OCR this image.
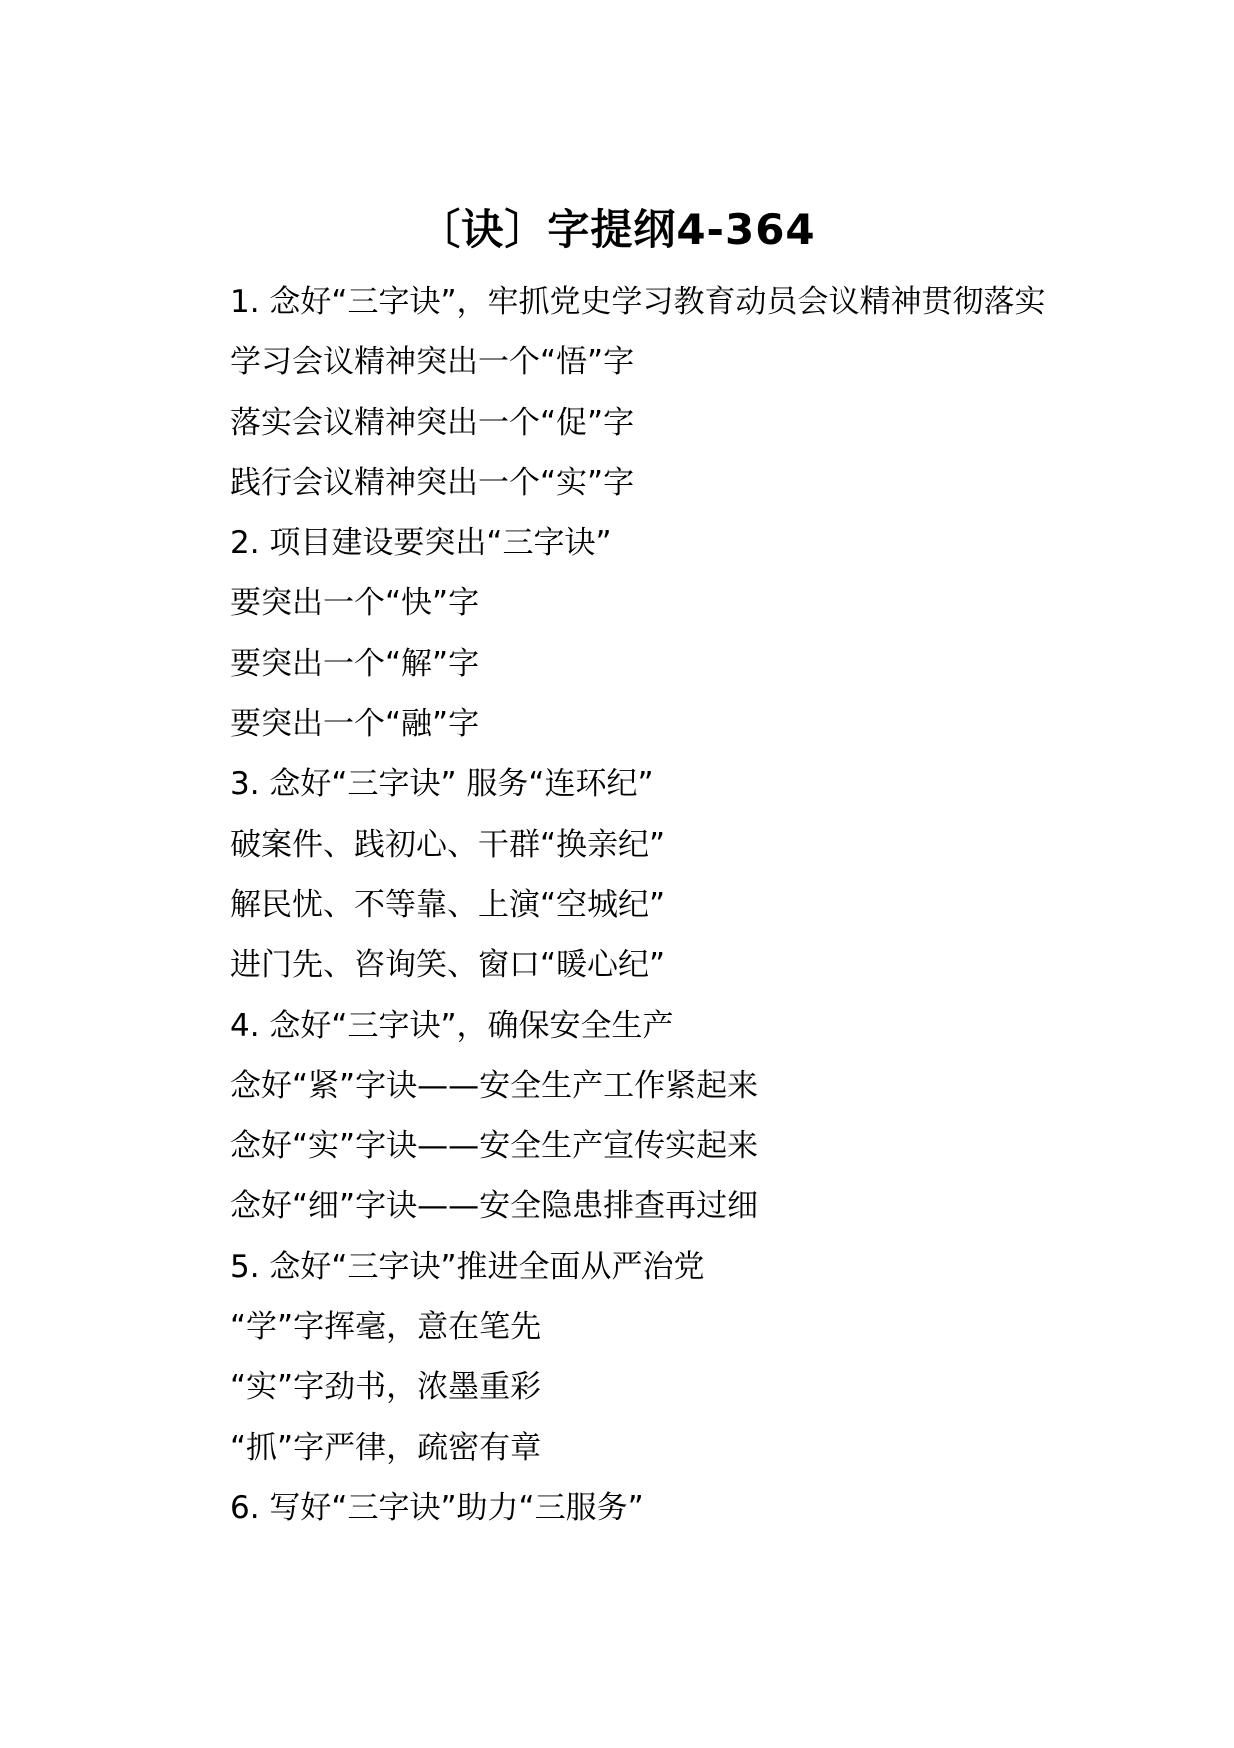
〔诀〕字提纲4-364
1. 念好“三字诀”，牢抓党史学习教育动员会议精神贯彻落实
学习会议精神突出一个“悟”字
落实会议精神突出一个“促”字
践行会议精神突出一个“实”字
2. 项目建设要突出“三字诀”
要突出一个“快”字
要突出一个“解”字
要突出一个“融”字
3. 念好“三字诀” 服务“连环纪”
破案件、践初心、干群“换亲纪”
解民忧、不等靠、上演“空城纪”
进门先、咨询笑、窗口“暖心纪”
4. 念好“三字诀”，确保安全生产
念好“紧”字诀——安全生产工作紧起来
念好“实”字诀——安全生产宣传实起来
念好“细”字诀——安全隐患排查再过细
5. 念好“三字诀”推进全面从严治党
“学”字挥毫，意在笔先
“实”字劲书，浓墨重彩
“抓”字严律，疏密有章
6. 写好“三字诀”助力“三服务”
